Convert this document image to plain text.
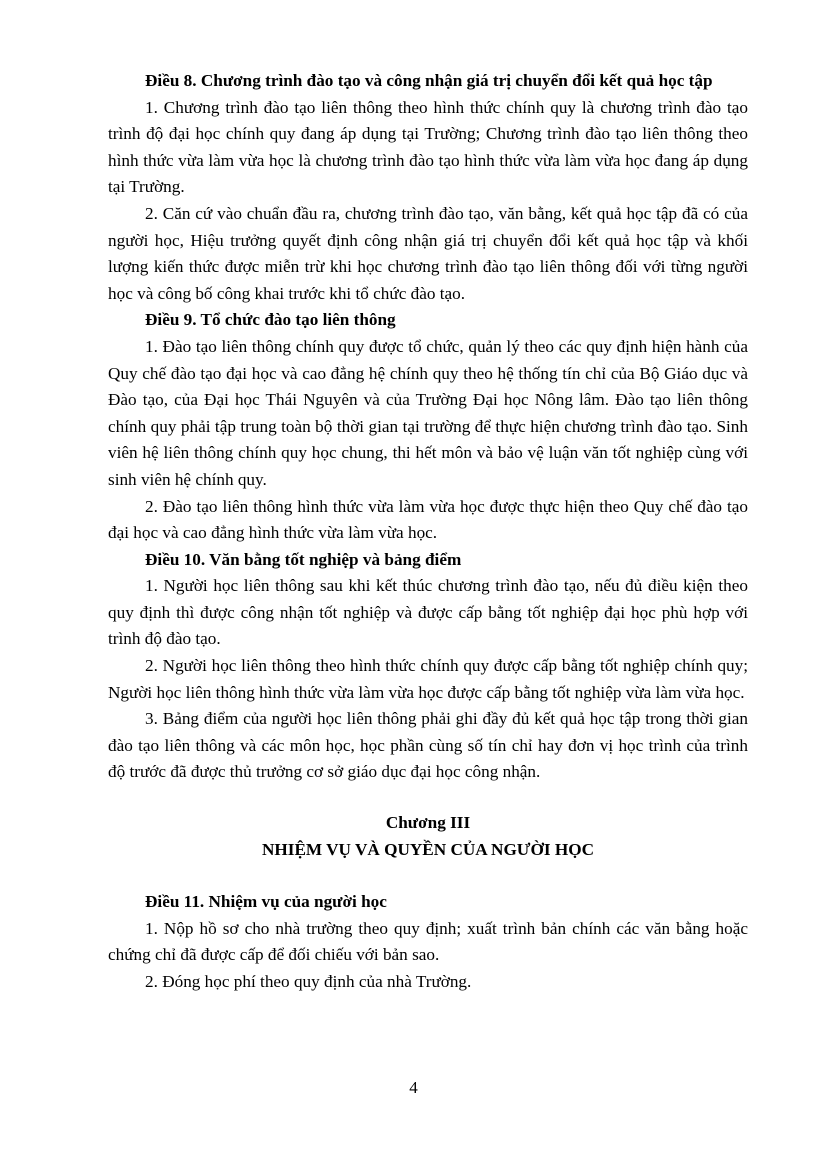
Điều 8. Chương trình đào tạo và công nhận giá trị chuyển đổi kết quả học tập

1. Chương trình đào tạo liên thông theo hình thức chính quy là chương trình đào tạo trình độ đại học chính quy đang áp dụng tại Trường; Chương trình đào tạo liên thông theo hình thức vừa làm vừa học là chương trình đào tạo hình thức vừa làm vừa học đang áp dụng tại Trường.

2. Căn cứ vào chuẩn đầu ra, chương trình đào tạo, văn bằng, kết quả học tập đã có của người học, Hiệu trưởng quyết định công nhận giá trị chuyển đổi kết quả học tập và khối lượng kiến thức được miễn trừ khi học chương trình đào tạo liên thông đối với từng người học và công bố công khai trước khi tổ chức đào tạo.

Điều 9. Tổ chức đào tạo liên thông

1. Đào tạo liên thông chính quy được tổ chức, quản lý theo các quy định hiện hành của Quy chế đào tạo đại học và cao đẳng hệ chính quy theo hệ thống tín chỉ của Bộ Giáo dục và Đào tạo, của Đại học Thái Nguyên và của Trường Đại học Nông lâm. Đào tạo liên thông chính quy phải tập trung toàn bộ thời gian tại trường để thực hiện chương trình đào tạo. Sinh viên hệ liên thông chính quy học chung, thi hết môn và bảo vệ luận văn tốt nghiệp cùng với sinh viên hệ chính quy.

2. Đào tạo liên thông hình thức vừa làm vừa học được thực hiện theo Quy chế đào tạo đại học và cao đẳng hình thức vừa làm vừa học.

Điều 10. Văn bằng tốt nghiệp và bảng điểm

1. Người học liên thông sau khi kết thúc chương trình đào tạo, nếu đủ điều kiện theo quy định thì được công nhận tốt nghiệp và được cấp bằng tốt nghiệp đại học phù hợp với trình độ đào tạo.

2. Người học liên thông theo hình thức chính quy được cấp bằng tốt nghiệp chính quy; Người học liên thông hình thức vừa làm vừa học được cấp bằng tốt nghiệp vừa làm vừa học.

3. Bảng điểm của người học liên thông phải ghi đầy đủ kết quả học tập trong thời gian đào tạo liên thông và các môn học, học phần cùng số tín chỉ hay đơn vị học trình của trình độ trước đã được thủ trưởng cơ sở giáo dục đại học công nhận.

Chương III

NHIỆM VỤ VÀ QUYỀN CỦA NGƯỜI HỌC

Điều 11. Nhiệm vụ của người học

1. Nộp hồ sơ cho nhà trường theo quy định; xuất trình bản chính các văn bằng hoặc chứng chỉ đã được cấp để đối chiếu với bản sao.

2. Đóng học phí theo quy định của nhà Trường.

4
